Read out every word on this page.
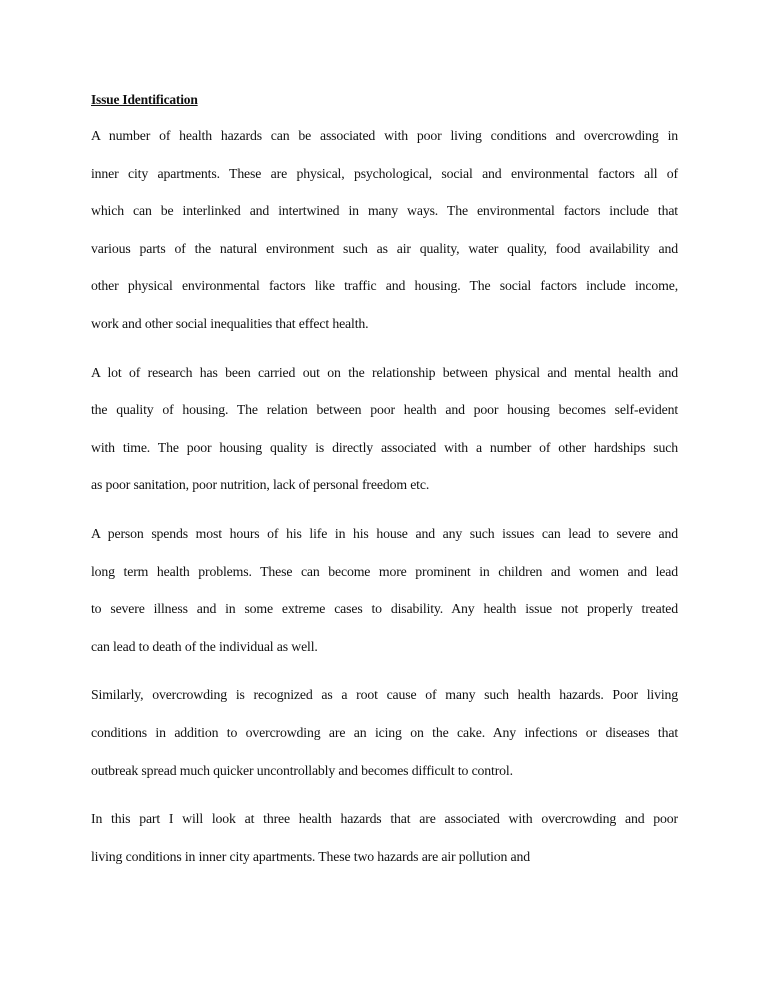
Issue Identification
A number of health hazards can be associated with poor living conditions and overcrowding in
inner city apartments. These are physical, psychological, social and environmental factors all of
which can be interlinked and intertwined in many ways. The environmental factors include that
various parts of the natural environment such as air quality, water quality, food availability and
other physical environmental factors like traffic and housing. The social factors include income,
work and other social inequalities that effect health.
A lot of research has been carried out on the relationship between physical and mental health and
the quality of housing. The relation between poor health and poor housing becomes self-evident
with time. The poor housing quality is directly associated with a number of other hardships such
as poor sanitation, poor nutrition, lack of personal freedom etc.
A person spends most hours of his life in his house and any such issues can lead to severe and
long term health problems. These can become more prominent in children and women and lead
to severe illness and in some extreme cases to disability. Any health issue not properly treated
can lead to death of the individual as well.
Similarly, overcrowding is recognized as a root cause of many such health hazards. Poor living
conditions in addition to overcrowding are an icing on the cake. Any infections or diseases that
outbreak spread much quicker uncontrollably and becomes difficult to control.
In this part I will look at three health hazards that are associated with overcrowding and poor
living conditions in inner city apartments. These two hazards are air pollution and
